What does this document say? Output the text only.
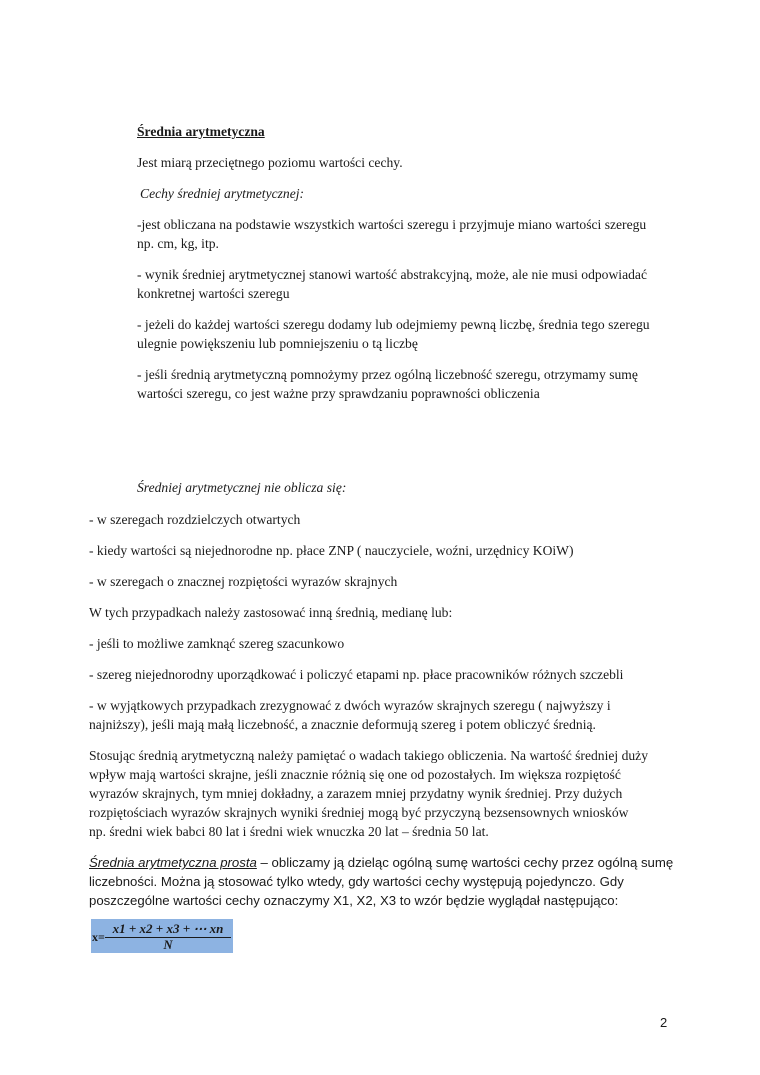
Średnia arytmetyczna
Jest miarą przeciętnego poziomu wartości cechy.
Cechy średniej arytmetycznej:
-jest obliczana na podstawie wszystkich wartości szeregu i przyjmuje miano wartości szeregu
np. cm, kg, itp.
- wynik średniej arytmetycznej stanowi wartość abstrakcyjną, może, ale nie musi odpowiadać
konkretnej wartości szeregu
- jeżeli do każdej wartości szeregu dodamy lub odejmiemy pewną liczbę, średnia tego szeregu
ulegnie powiększeniu lub pomniejszeniu o tą liczbę
- jeśli średnią arytmetyczną pomnożymy przez ogólną liczebność szeregu, otrzymamy sumę
wartości szeregu, co jest ważne przy sprawdzaniu poprawności obliczenia
Średniej arytmetycznej nie oblicza się:
- w szeregach rozdzielczych otwartych
- kiedy wartości są niejednorodne np. płace ZNP ( nauczyciele, woźni, urzędnicy KOiW)
- w szeregach o znacznej rozpiętości wyrazów skrajnych
W tych przypadkach należy zastosować inną średnią, medianę lub:
- jeśli to możliwe zamknąć szereg szacunkowo
- szereg niejednorodny uporządkować i policzyć etapami np. płace pracowników różnych szczebli
- w wyjątkowych przypadkach zrezygnować z dwóch wyrazów skrajnych szeregu ( najwyższy i
najniższy), jeśli mają małą liczebność, a znacznie deformują szereg i potem obliczyć średnią.
Stosując średnią arytmetyczną należy pamiętać o wadach takiego obliczenia. Na wartość średniej duży
wpływ mają wartości skrajne, jeśli znacznie różnią się one od pozostałych. Im większa rozpiętość
wyrazów skrajnych, tym mniej dokładny, a zarazem mniej przydatny wynik średniej. Przy dużych
rozpiętościach wyrazów skrajnych wyniki średniej mogą być przyczyną bezsensownych wniosków
np. średni wiek babci 80 lat i średni wiek wnuczka 20 lat – średnia 50 lat.
Średnia arytmetyczna prosta – obliczamy ją dzieląc ogólną sumę wartości cechy przez ogólną sumę
liczebności. Można ją stosować tylko wtedy, gdy wartości cechy występują pojedynczo. Gdy
poszczególne wartości cechy oznaczymy X1, X2, X3 to wzór będzie wyglądał następująco:
x=
x1 + x2 + x3 + ⋯ xn
N
2
